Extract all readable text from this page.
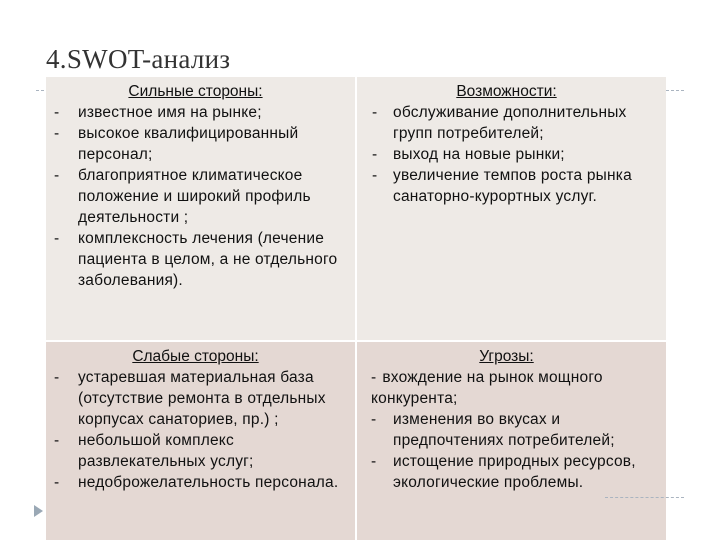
4.SWOT-анализ
Сильные стороны:
- известное имя на рынке;
- высокое квалифицированный персонал;
- благоприятное климатическое положение и широкий профиль деятельности ;
- комплексность лечения (лечение пациента в целом, а не отдельного заболевания).
Возможности:
- обслуживание дополнительных групп потребителей;
- выход на новые рынки;
- увеличение темпов роста рынка санаторно-курортных услуг.
Слабые стороны:
- устаревшая материальная база (отсутствие ремонта в отдельных корпусах санаториев, пр.) ;
- небольшой комплекс развлекательных услуг;
- недоброжелательность персонала.
Угрозы:
- вхождение на рынок мощного конкурента;
- изменения во вкусах и предпочтениях потребителей;
- истощение природных ресурсов, экологические проблемы.
